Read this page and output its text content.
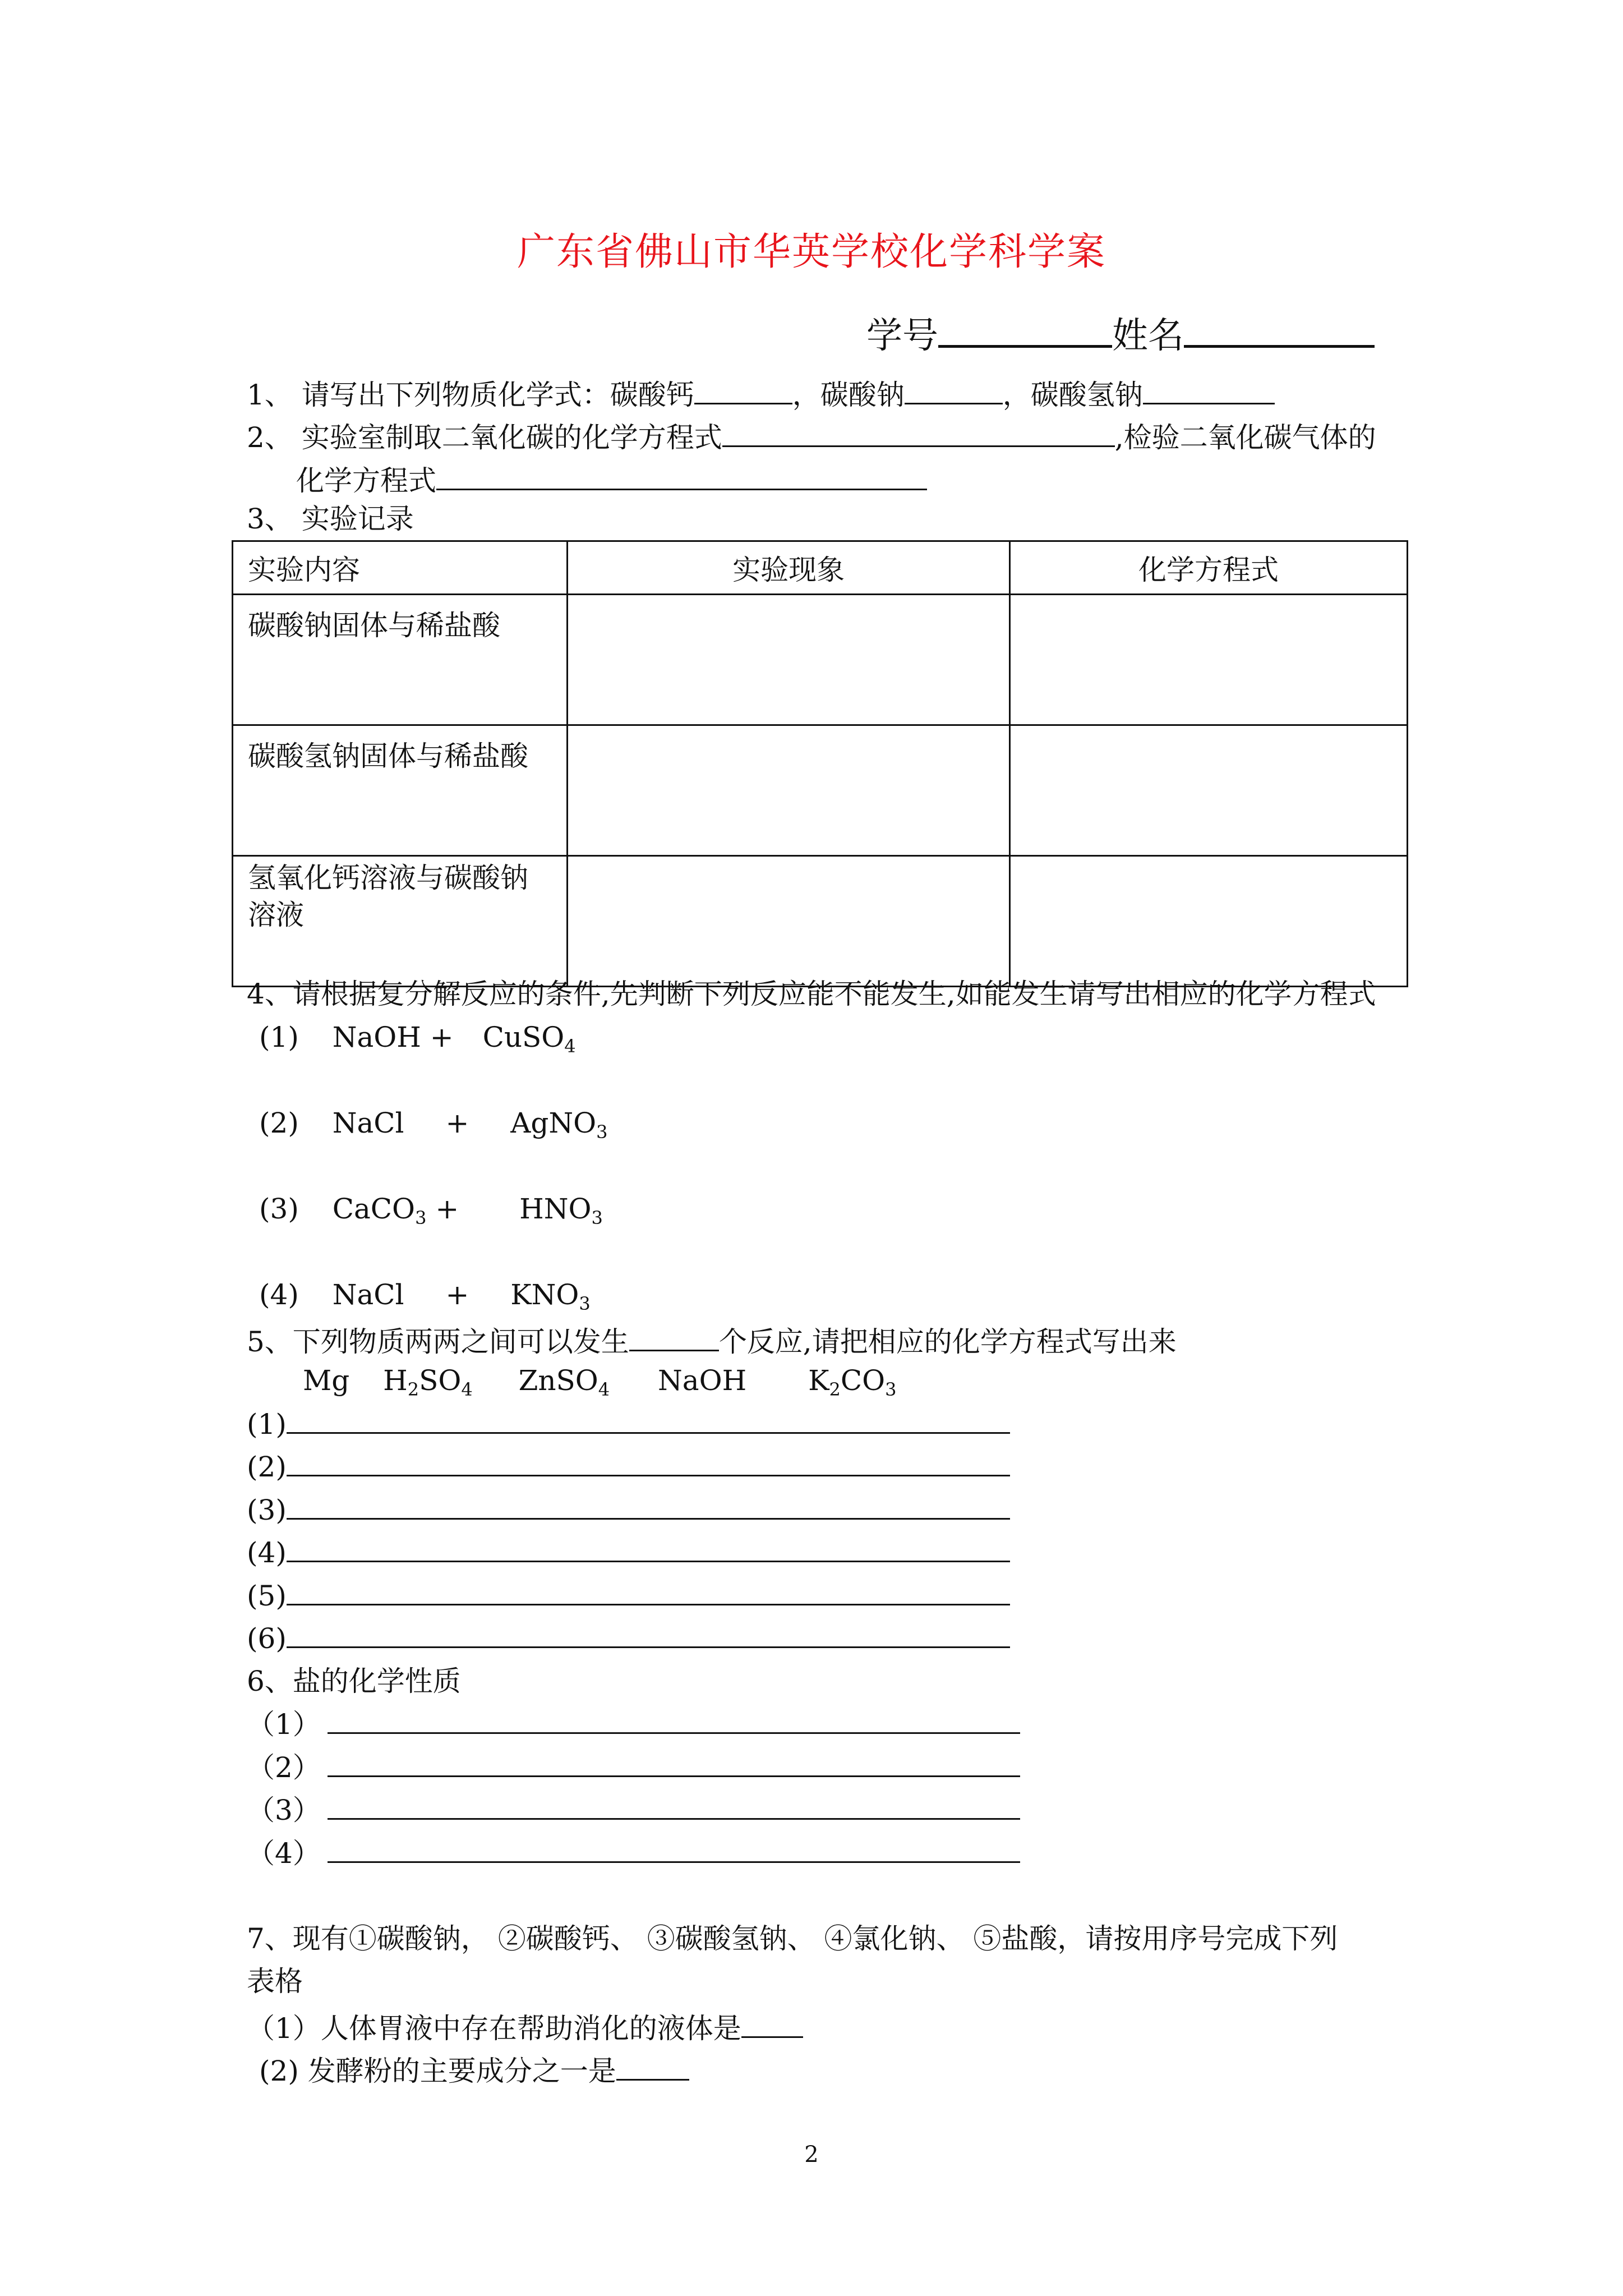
广东省佛山市华英学校化学科学案
学号	姓名
1、 请写出下列物质化学式：碳酸钙	，碳酸钠	，碳酸氢钠
2、 实验室制取二氧化碳的化学方程式	,检验二氧化碳气体的
化学方程式
3、 实验记录
实验内容	实验现象	化学方程式
碳酸钠固体与稀盐酸		
碳酸氢钠固体与稀盐酸		

氢氧化钙溶液与碳酸钠
溶液		

4、请根据复分解反应的条件,先判断下列反应能不能发生,如能发生请写出相应的化学方程式
(1) NaOH + CuSO$_4$
(2) NaCl + AgNO$_3$
(3) CaCO$_3$ + $HNO_3$
(4) NaCl + $KNO_3$
5、下列物质两两之间可以发生	个反应,请把相应的化学方程式写出来
Mg $H_2SO_4$ ZnSO$_4$ NaOH $K_2CO_3$
(1)
(2)
(3)
(4)
(5)
(6)
6、盐的化学性质
（1）
（2）
（3）
（4）
7、现有①碳酸钠， ②碳酸钙、 ③碳酸氢钠、 ④氯化钠、 ⑤盐酸，请按用序号完成下列
表格
（1）人体胃液中存在帮助消化的液体是
(2) 发酵粉的主要成分之一是
2
